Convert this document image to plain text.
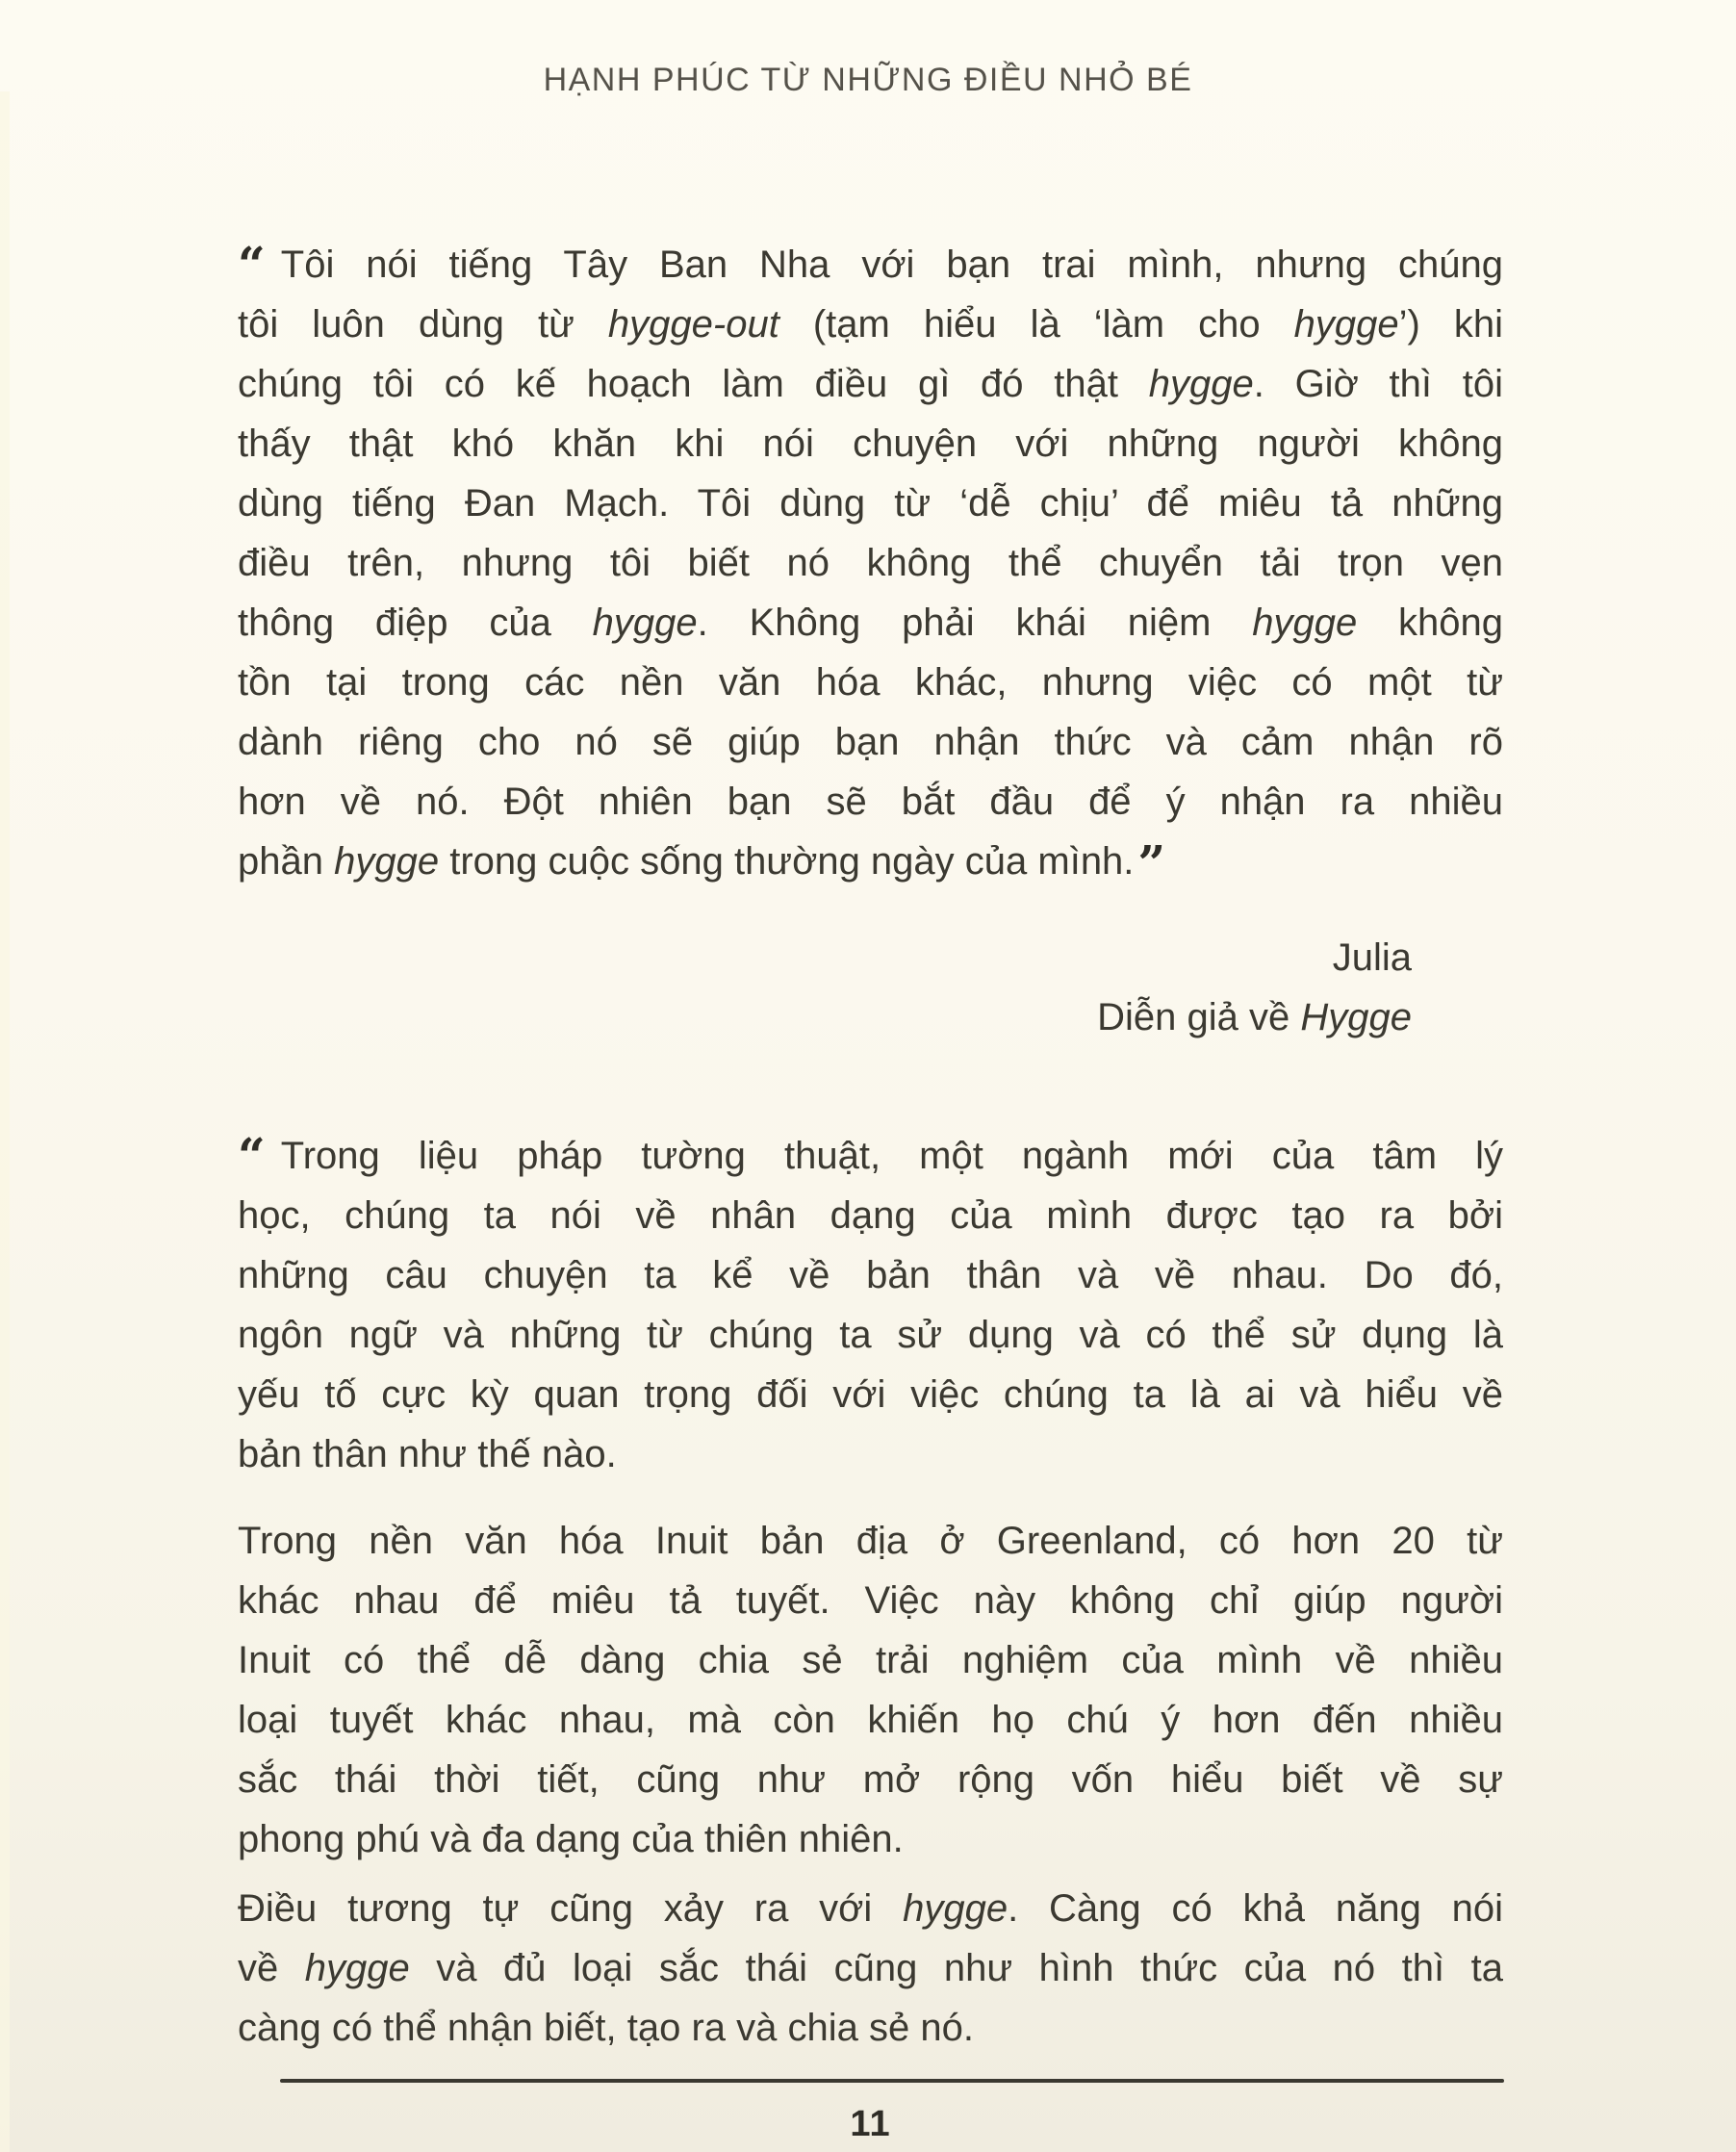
HẠNH PHÚC TỪ NHỮNG ĐIỀU NHỎ BÉ
“ Tôi nói tiếng Tây Ban Nha với bạn trai mình, nhưng chúng
tôi luôn dùng từ hygge-out (tạm hiểu là ‘làm cho hygge’) khi
chúng tôi có kế hoạch làm điều gì đó thật hygge. Giờ thì tôi
thấy thật khó khăn khi nói chuyện với những người không
dùng tiếng Đan Mạch. Tôi dùng từ ‘dễ chịu’ để miêu tả những
điều trên, nhưng tôi biết nó không thể chuyển tải trọn vẹn
thông điệp của hygge. Không phải khái niệm hygge không
tồn tại trong các nền văn hóa khác, nhưng việc có một từ
dành riêng cho nó sẽ giúp bạn nhận thức và cảm nhận rõ
hơn về nó. Đột nhiên bạn sẽ bắt đầu để ý nhận ra nhiều
phần hygge trong cuộc sống thường ngày của mình.”
Julia
Diễn giả về Hygge
“ Trong liệu pháp tường thuật, một ngành mới của tâm lý
học, chúng ta nói về nhân dạng của mình được tạo ra bởi
những câu chuyện ta kể về bản thân và về nhau. Do đó,
ngôn ngữ và những từ chúng ta sử dụng và có thể sử dụng là
yếu tố cực kỳ quan trọng đối với việc chúng ta là ai và hiểu về
bản thân như thế nào.
Trong nền văn hóa Inuit bản địa ở Greenland, có hơn 20 từ
khác nhau để miêu tả tuyết. Việc này không chỉ giúp người
Inuit có thể dễ dàng chia sẻ trải nghiệm của mình về nhiều
loại tuyết khác nhau, mà còn khiến họ chú ý hơn đến nhiều
sắc thái thời tiết, cũng như mở rộng vốn hiểu biết về sự
phong phú và đa dạng của thiên nhiên.
Điều tương tự cũng xảy ra với hygge. Càng có khả năng nói
về hygge và đủ loại sắc thái cũng như hình thức của nó thì ta
càng có thể nhận biết, tạo ra và chia sẻ nó.
11
